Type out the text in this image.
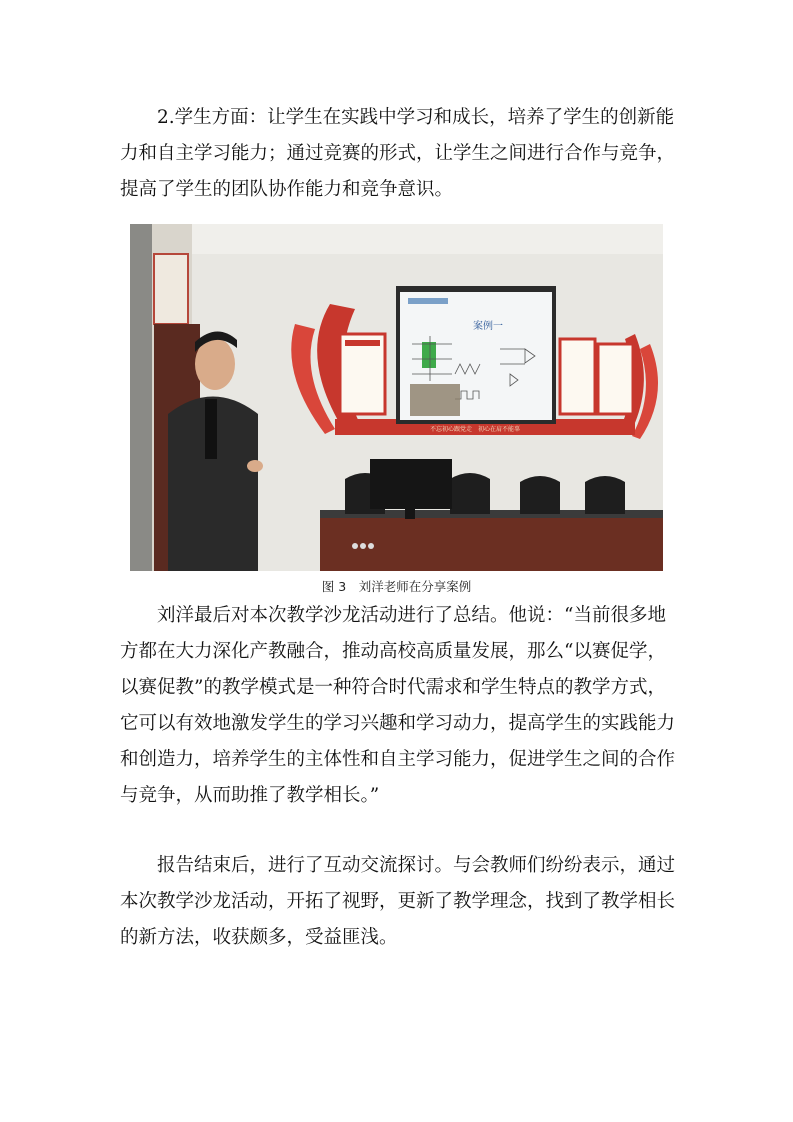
2.学生方面：让学生在实践中学习和成长，培养了学生的创新能
力和自主学习能力；通过竞赛的形式，让学生之间进行合作与竞争，
提高了学生的团队协作能力和竞争意识。
不忘初心跟党走　初心在肩不能辜
案例一
图 3　刘洋老师在分享案例
刘洋最后对本次教学沙龙活动进行了总结。他说：“当前很多地
方都在大力深化产教融合，推动高校高质量发展，那么“以赛促学，
以赛促教”的教学模式是一种符合时代需求和学生特点的教学方式，
它可以有效地激发学生的学习兴趣和学习动力，提高学生的实践能力
和创造力，培养学生的主体性和自主学习能力，促进学生之间的合作
与竞争，从而助推了教学相长。”
报告结束后，进行了互动交流探讨。与会教师们纷纷表示，通过
本次教学沙龙活动，开拓了视野，更新了教学理念，找到了教学相长
的新方法，收获颇多，受益匪浅。
